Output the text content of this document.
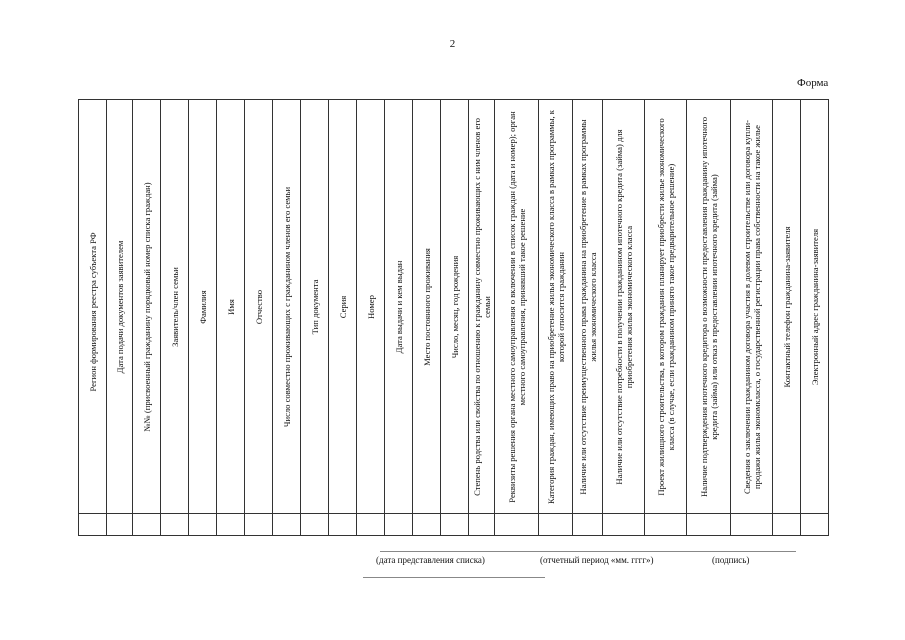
2
Форма
Регион формирования реестра субъекта РФ	Дата подачи документов заявителем	№№ (присвоенный гражданину порядковый номер списка граждан)	Заявитель/член семьи	Фамилия	Имя	Отчество	Число совместно проживающих с гражданином членов его семьи	Тип документа	Серия	Номер	Дата выдачи и кем выдан	Место постоянного проживания	Число, месяц, год рождения	Степень родства или свойства по отношению к гражданину совместно проживающих с ним членов его семьи	Реквизиты решения органа местного самоуправления о включении в список граждан (дата и номер); орган местного самоуправления, принявший такое решение	Категория граждан, имеющих право на приобретение жилья экономического класса в рамках программы, к которой относится гражданин	Наличие или отсутствие преимущественного права гражданина на приобретение в рамках программы жилья экономического класса	Наличие или отсутствие потребности в получении гражданином ипотечного кредита (займа) для приобретения жилья экономического класса	Проект жилищного строительства, в котором гражданин планирует приобрести жилье экономического класса (в случае, если гражданином принято такое предварительное решение)	Наличие подтверждения ипотечного кредитора о возможности предоставления гражданину ипотечного кредита (займа) или отказ в предоставлении ипотечного кредита (займа)	Сведения о заключении гражданином договора участия в долевом строительстве или договора купли-продажи жилья экономкласса, о государственной регистрации права собственности на такое жилье	Контактный телефон гражданина-заявителя	Электронный адрес гражданина-заявителя

(дата представления списка)	(отчетный период «мм. гггг»)	(подпись)
